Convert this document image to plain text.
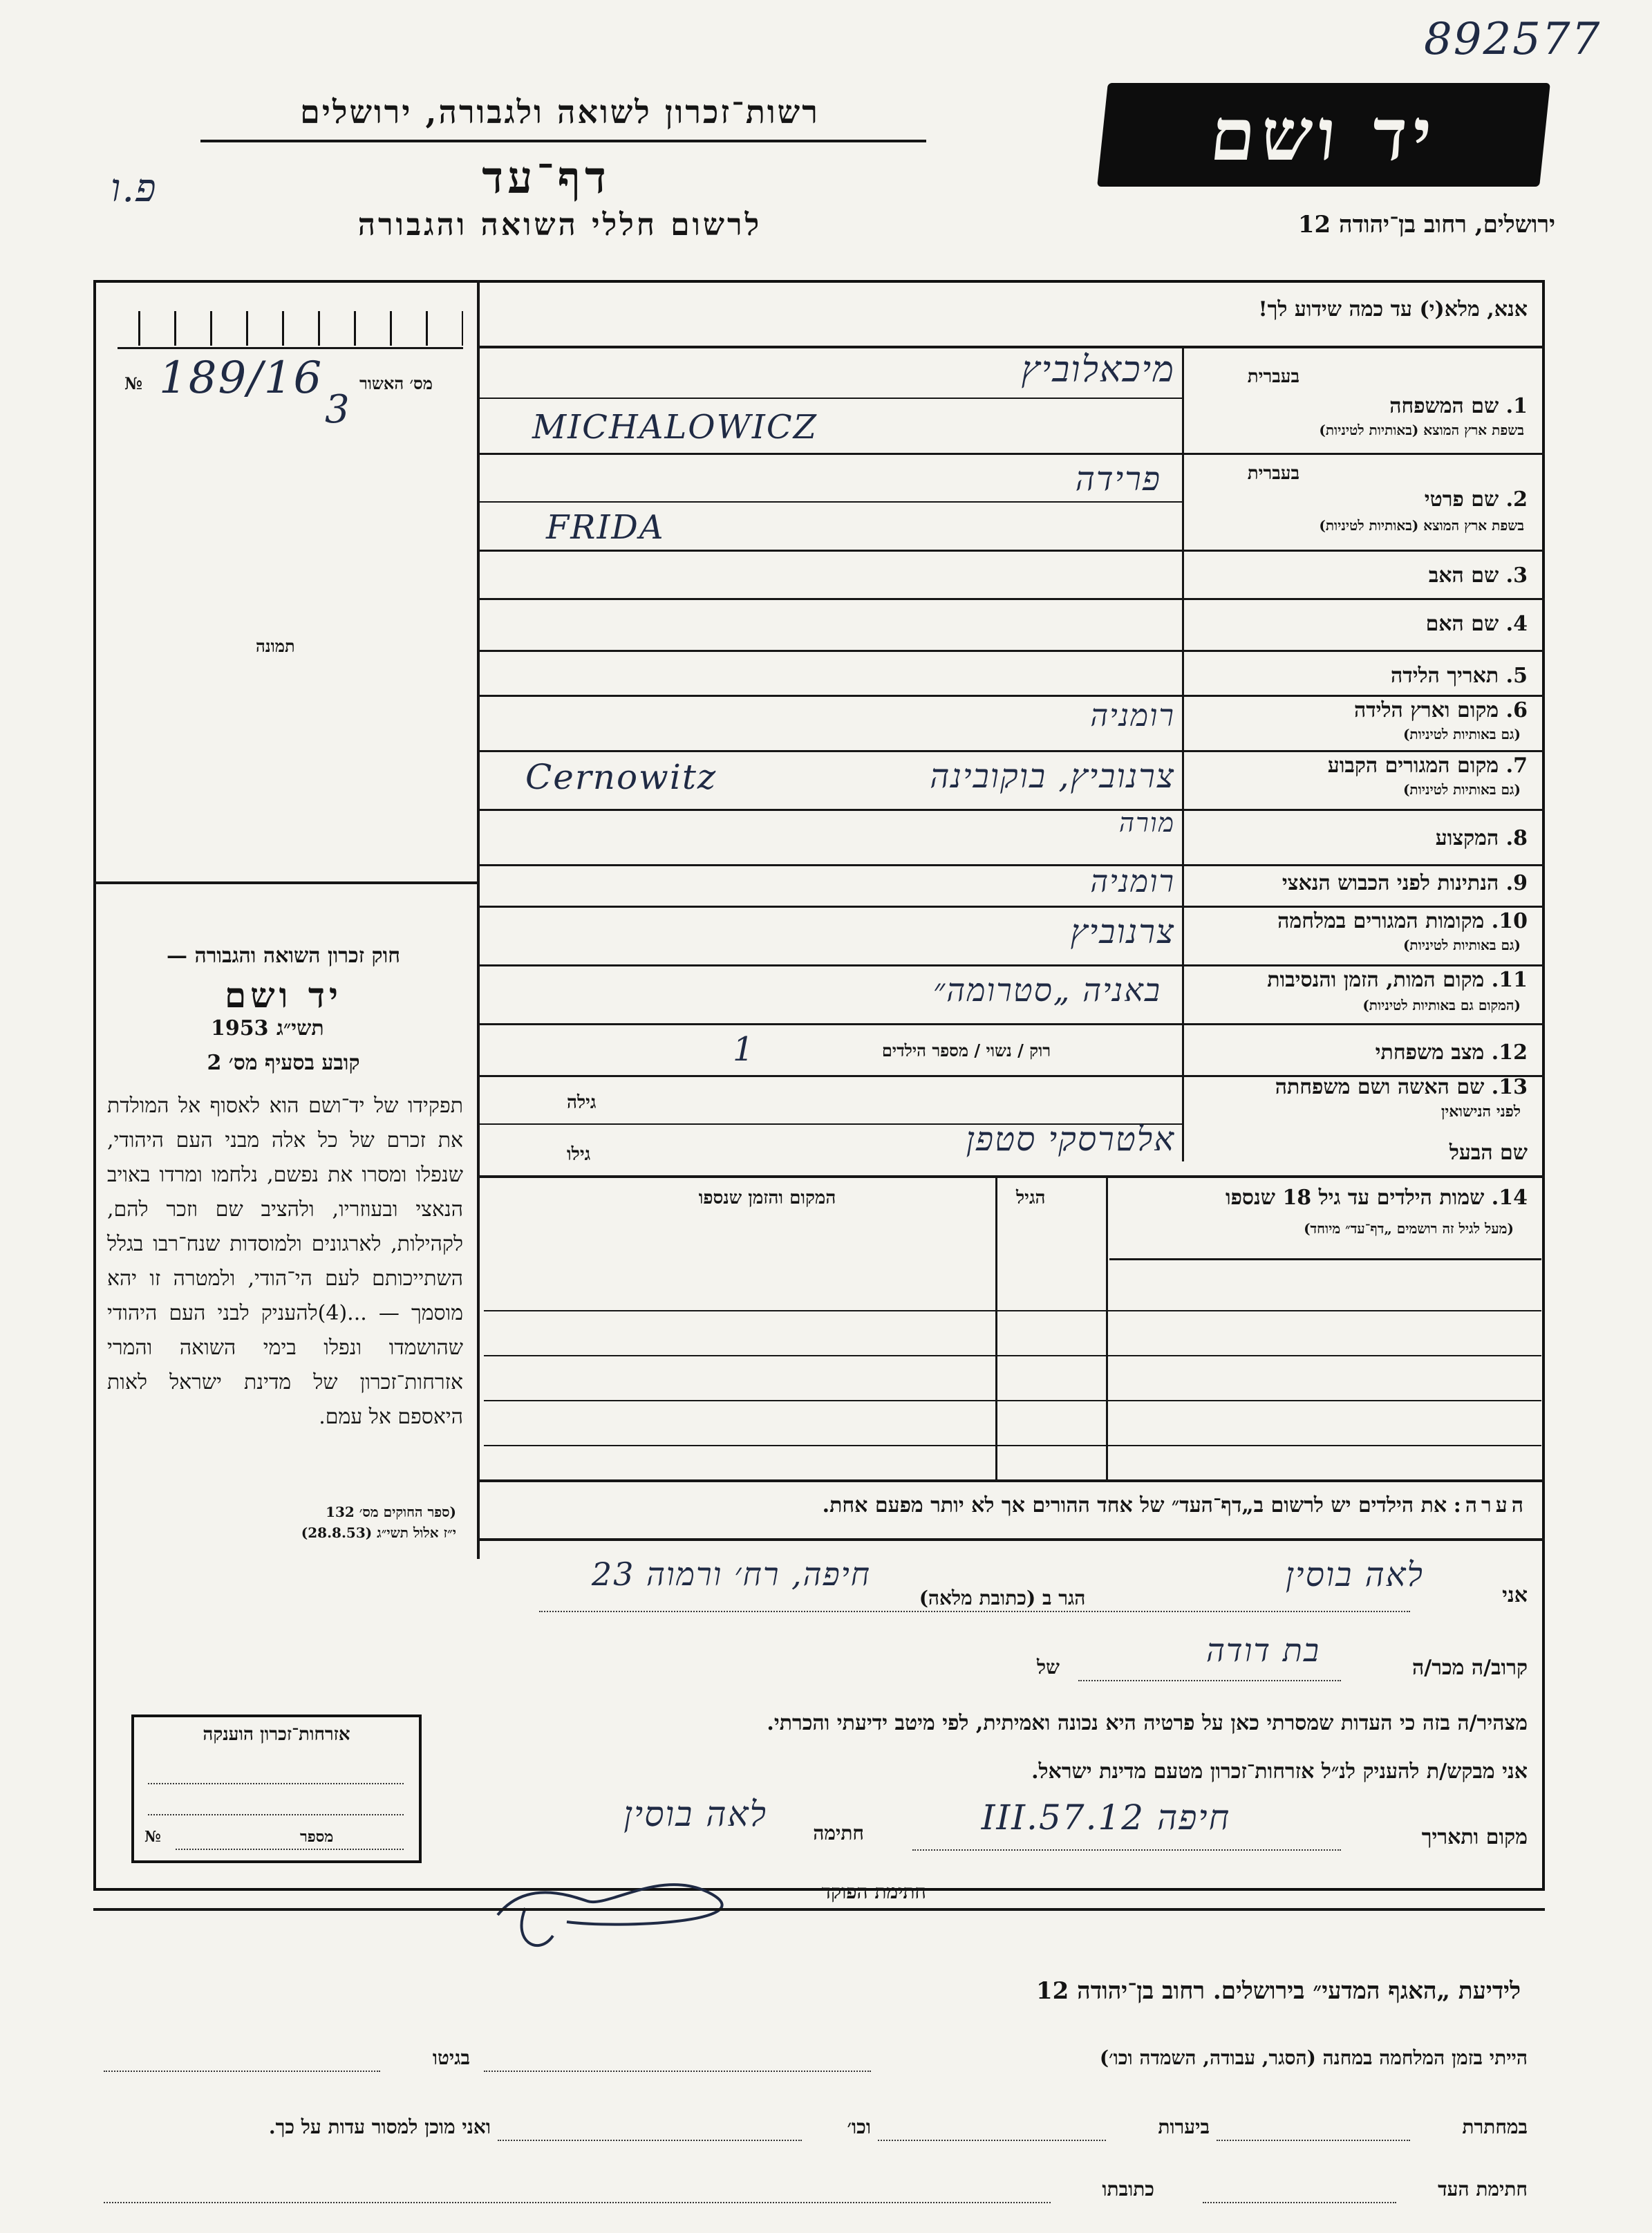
892577
רשות־זכרון לשואה ולגבורה, ירושלים
דף־עד
לרשום חללי השואה והגבורה
פ.ו
יד ושם
ירושלים, רחוב בן־יהודה 12
מס׳ האשור
№ 189/16
3
תמונה
חוק זכרון השואה והגבורה —
יד ושם
תשי״ג
1953
קובע בסעיף מס׳ 2
תפקידו של יד־ושם הוא לאסוף אל המולדת את זכרם של כל אלה מבני העם היהודי, שנפלו ומסרו את נפשם, נלחמו ומרדו באויב הנאצי ובעוזריו, ולהציב שם וזכר להם, לקהילות, לארגונים ולמוסדות שנח־רבו בגלל השתייכותם לעם הי־הודי, ולמטרה זו יהא מוסמך — ...(4)להעניק לבני העם היהודי שהושמדו ונפלו בימי השואה והמרי אזרחות־זכרון של מדינת ישראל לאות היאספם אל עמם.
(ספר החוקים מס׳ 132
י״ז אלול תשי״ג (28.8.53)
אנא, מלא(י) עד כמה שידוע לך!
בעברית
1. שם המשפחה
בשפת ארץ המוצא (באותיות לטיניות)
מיכאלוביץ
MICHALOWICZ
בעברית
2. שם פרטי
בשפת ארץ המוצא (באותיות לטיניות)
פרידה
FRIDA
3. שם האב
4. שם האם
5. תאריך הלידה
6. מקום וארץ הלידה
(גם באותיות לטיניות)
רומניה
7. מקום המגורים הקבוע
(גם באותיות לטיניות)
צרנוביץ, בוקובינה
Cernowitz
8. המקצוע
מורה
9. הנתינות לפני הכבוש הנאצי
רומניה
10. מקומות המגורים במלחמה
(גם באותיות לטיניות)
צרנוביץ
11. מקום המות, הזמן והנסיבות
(המקום גם באותיות לטיניות)
באניה „סטרומה״
12. מצב משפחתי
רוק / נשוי / מספר הילדים
1
13. שם האשה ושם משפחתה
לפני הנישואין
גילה
שם הבעל
אלטרסקי סטפן
גילו
14. שמות הילדים עד גיל 18 שנספו
(מעל לגיל זה רושמים „דף־עד״ מיוחד)
הגיל
המקום והזמן שנספו
הערה: את הילדים יש לרשום ב„דף־העד״ של אחד ההורים אך לא יותר מפעם אחת.
אני
לאה בוסין
הגר ב (כתובת מלאה)
חיפה, רח׳ ורמוה 23
קרוב/ה מכר/ה
בת דודה
של
מצהיר/ה בזה כי העדות שמסרתי כאן על פרטיה היא נכונה ואמיתית, לפי מיטב ידיעתי והכרתי.
אני מבקש/ת להעניק לנ״ל אזרחות־זכרון מטעם מדינת ישראל.
מקום ותאריך
חיפה 12.III.57
חתימה
לאה בוסין
חתימת הפוקד
אזרחות־זכרון הוענקה
מספר
№
לידיעת „האגף המדעי״ בירושלים. רחוב בן־יהודה 12
הייתי בזמן המלחמה במחנה (הסגר, עבודה, השמדה וכו׳)
בגיטו
במחתרת
ביערות
וכו׳
ואני מוכן למסור עדות על כך.
חתימת העד
כתובתו
